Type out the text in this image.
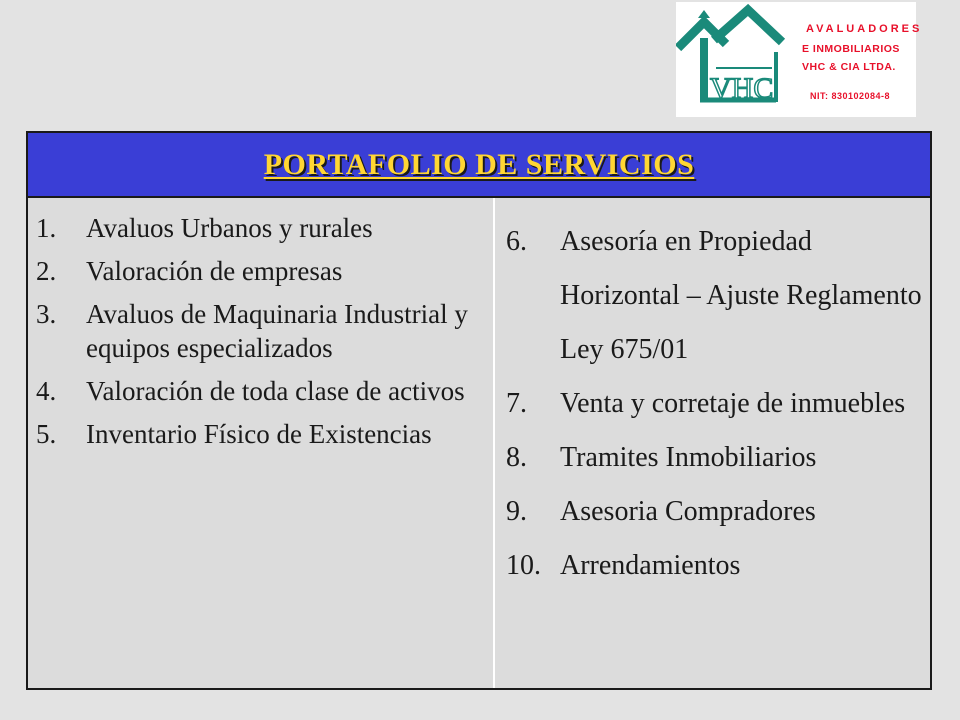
VHC
AVALUADORES
E INMOBILIARIOS
VHC & CIA LTDA.
NIT: 830102084-8
PORTAFOLIO DE SERVICIOS
1.	Avaluos Urbanos y rurales
2.	Valoración de empresas
3.	Avaluos de Maquinaria Industrial y equipos especializados
4.	Valoración de toda clase de activos
5.	Inventario Físico de Existencias
6.	Asesoría en Propiedad Horizontal – Ajuste Reglamento Ley 675/01
7.	Venta y corretaje de inmuebles
8.	Tramites Inmobiliarios
9.	Asesoria Compradores
10. Arrendamientos
